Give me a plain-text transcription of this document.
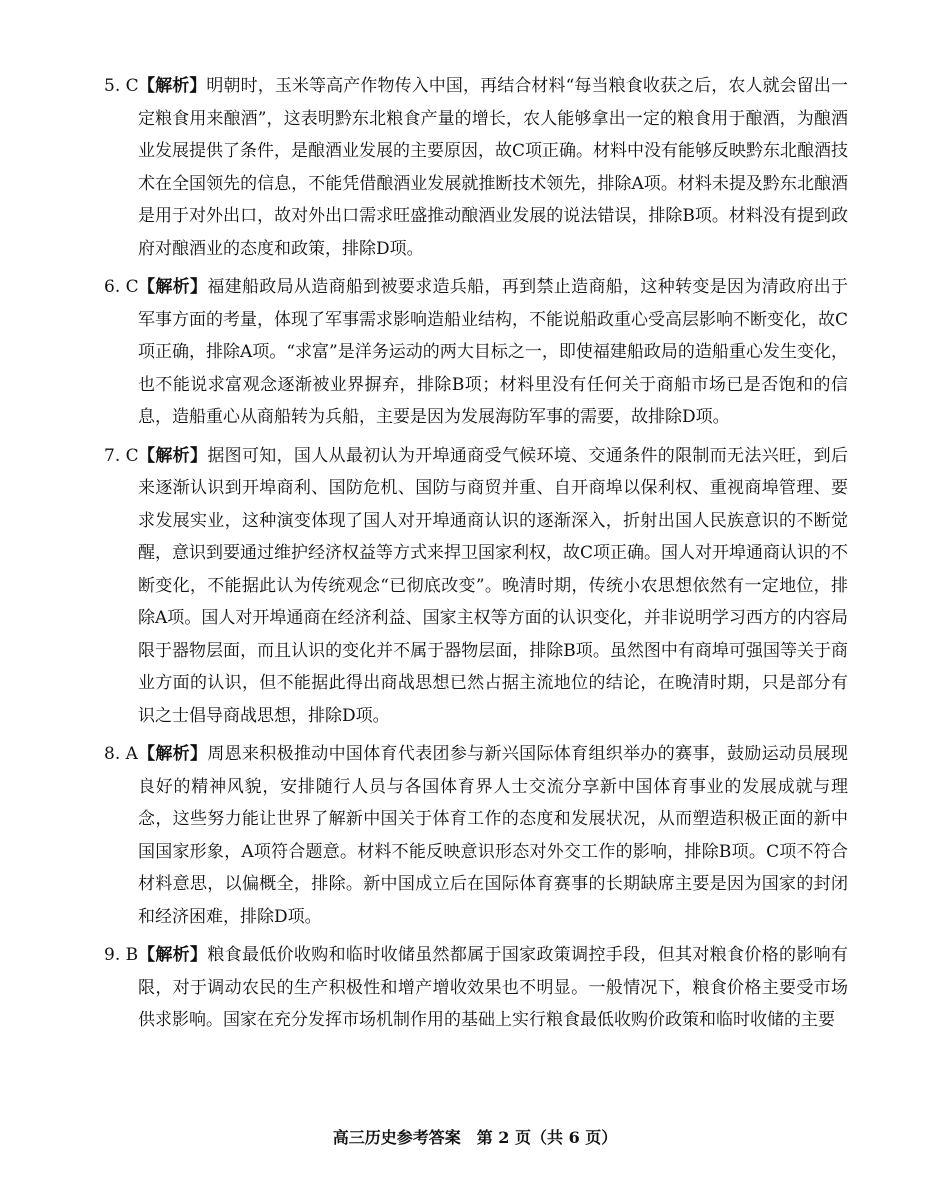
5. C 【解析】明朝时，玉米等高产作物传入中国，再结合材料“每当粮食收获之后，农人就会留出一定粮食用来酿酒”，这表明黔东北粮食产量的增长，农人能够拿出一定的粮食用于酿酒，为酿酒业发展提供了条件，是酿酒业发展的主要原因，故C项正确。材料中没有能够反映黔东北酿酒技术在全国领先的信息，不能凭借酿酒业发展就推断技术领先，排除A项。材料未提及黔东北酿酒是用于对外出口，故对外出口需求旺盛推动酿酒业发展的说法错误，排除B项。材料没有提到政府对酿酒业的态度和政策，排除D项。
6. C 【解析】福建船政局从造商船到被要求造兵船，再到禁止造商船，这种转变是因为清政府出于军事方面的考量，体现了军事需求影响造船业结构，不能说船政重心受高层影响不断变化，故C项正确，排除A项。“求富”是洋务运动的两大目标之一，即使福建船政局的造船重心发生变化，也不能说求富观念逐渐被业界摒弃，排除B项；材料里没有任何关于商船市场已是否饱和的信息，造船重心从商船转为兵船，主要是因为发展海防军事的需要，故排除D项。
7. C 【解析】据图可知，国人从最初认为开埠通商受气候环境、交通条件的限制而无法兴旺，到后来逐渐认识到开埠商利、国防危机、国防与商贸并重、自开商埠以保利权、重视商埠管理、要求发展实业，这种演变体现了国人对开埠通商认识的逐渐深入，折射出国人民族意识的不断觉醒，意识到要通过维护经济权益等方式来捍卫国家利权，故C项正确。国人对开埠通商认识的不断变化，不能据此认为传统观念“已彻底改变”。晚清时期，传统小农思想依然有一定地位，排除A项。国人对开埠通商在经济利益、国家主权等方面的认识变化，并非说明学习西方的内容局限于器物层面，而且认识的变化并不属于器物层面，排除B项。虽然图中有商埠可强国等关于商业方面的认识，但不能据此得出商战思想已然占据主流地位的结论，在晚清时期，只是部分有识之士倡导商战思想，排除D项。
8. A 【解析】周恩来积极推动中国体育代表团参与新兴国际体育组织举办的赛事，鼓励运动员展现良好的精神风貌，安排随行人员与各国体育界人士交流分享新中国体育事业的发展成就与理念，这些努力能让世界了解新中国关于体育工作的态度和发展状况，从而塑造积极正面的新中国国家形象，A项符合题意。材料不能反映意识形态对外交工作的影响，排除B项。C项不符合材料意思，以偏概全，排除。新中国成立后在国际体育赛事的长期缺席主要是因为国家的封闭和经济困难，排除D项。
9. B 【解析】粮食最低价收购和临时收储虽然都属于国家政策调控手段，但其对粮食价格的影响有限，对于调动农民的生产积极性和增产增收效果也不明显。一般情况下，粮食价格主要受市场供求影响。国家在充分发挥市场机制作用的基础上实行粮食最低收购价政策和临时收储的主要
高三历史参考答案　第 2 页（共 6 页）
